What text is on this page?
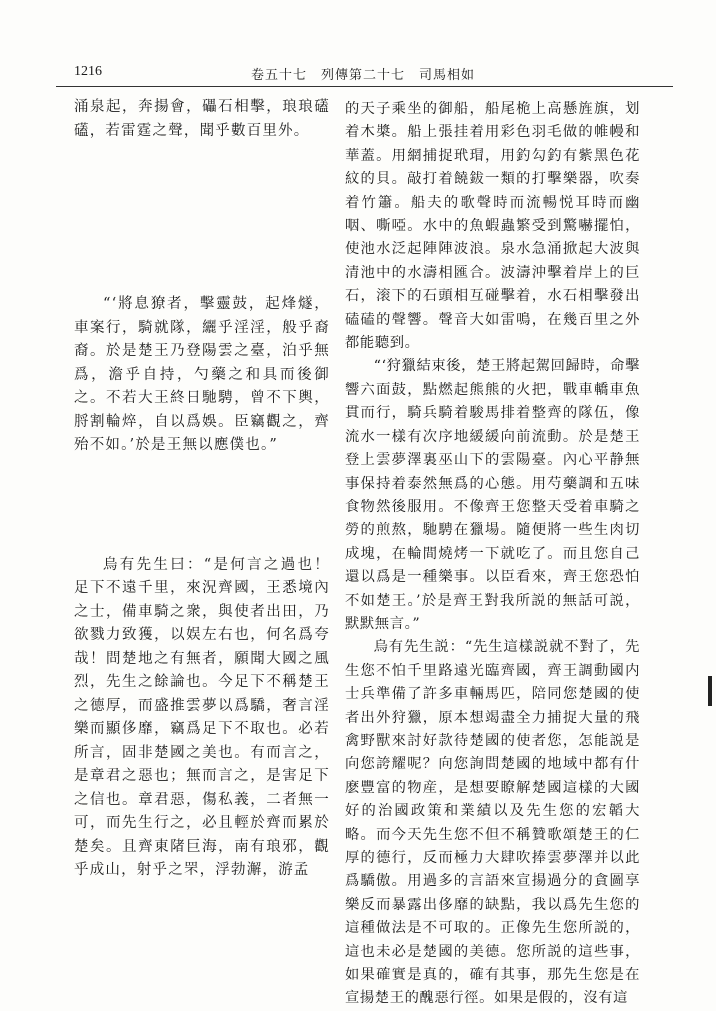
1216	卷五十七　列傳第二十七　司馬相如

涌泉起，奔揚會，礧石相擊，琅琅礚礚，若雷霆之聲，聞乎數百里外。

“‘將息獠者，擊靈鼓，起烽燧，車案行，騎就隊，纚乎淫淫，般乎裔裔。於是楚王乃登陽雲之臺，泊乎無爲，澹乎自持，勺藥之和具而後御之。不若大王終日馳騁，曾不下輿，脟割輪焠，自以爲娛。臣竊觀之，齊殆不如。’於是王無以應僕也。”

烏有先生曰：“是何言之過也！足下不遠千里，來況齊國，王悉境內之士，備車騎之衆，與使者出田，乃欲戮力致獲，以娱左右也，何名爲夸哉！問楚地之有無者，願聞大國之風烈，先生之餘論也。今足下不稱楚王之德厚，而盛推雲夢以爲驕，奢言淫樂而顯侈靡，竊爲足下不取也。必若所言，固非楚國之美也。有而言之，是章君之惡也；無而言之，是害足下之信也。章君惡，傷私義，二者無一可，而先生行之，必且輕於齊而累於楚矣。且齊東陼巨海，南有琅邪，觀乎成山，射乎之罘，浮勃澥，游孟

的天子乘坐的御船，船尾桅上高懸旌旗，划着木槳。船上張挂着用彩色羽毛做的帷幔和華蓋。用網捕捉玳瑁，用釣勾釣有紫黑色花紋的貝。敲打着饒鈸一類的打擊樂器，吹奏着竹簫。船夫的歌聲時而流暢悦耳時而幽咽、嘶啞。水中的魚蝦蟲繁受到驚嚇擺怕，使池水泛起陣陣波浪。泉水急涌掀起大波與清池中的水濤相匯合。波濤沖擊着岸上的巨石，滚下的石頭相互碰擊着，水石相擊發出磕磕的聲響。聲音大如雷鳴，在幾百里之外都能聽到。

“‘狩獵結束後，楚王將起駕回歸時，命擊響六面鼓，點燃起熊熊的火把，戰車轎車魚貫而行，騎兵騎着駿馬排着整齊的隊伍，像流水一樣有次序地緩緩向前流動。於是楚王登上雲夢澤裏巫山下的雲陽臺。內心平静無事保持着泰然無爲的心態。用芍藥調和五味食物然後服用。不像齊王您整天受着車騎之勞的煎熬，馳騁在獵場。隨便將一些生肉切成塊，在輪間燒烤一下就吃了。而且您自己還以爲是一種樂事。以臣看來，齊王您恐怕不如楚王。’於是齊王對我所説的無話可説，默默無言。”

烏有先生説：“先生這樣説就不對了，先生您不怕千里路遠光臨齊國，齊王調動國内士兵準備了許多車輛馬匹，陪同您楚國的使者出外狩獵，原本想竭盡全力捕捉大量的飛禽野獸來討好款待楚國的使者您，怎能説是向您誇耀呢？向您詢問楚國的地域中都有什麽豐富的物産，是想要瞭解楚國這樣的大國好的治國政策和業績以及先生您的宏韜大略。而今天先生您不但不稱贊歌頌楚王的仁厚的德行，反而極力大肆吹捧雲夢澤并以此爲驕傲。用過多的言語來宣揚過分的貪圖享樂反而暴露出侈靡的缺點，我以爲先生您的這種做法是不可取的。正像先生您所説的，這也未必是楚國的美德。您所説的這些事，如果確實是真的，確有其事，那先生您是在宣揚楚王的醜惡行徑。如果是假的，沒有這
